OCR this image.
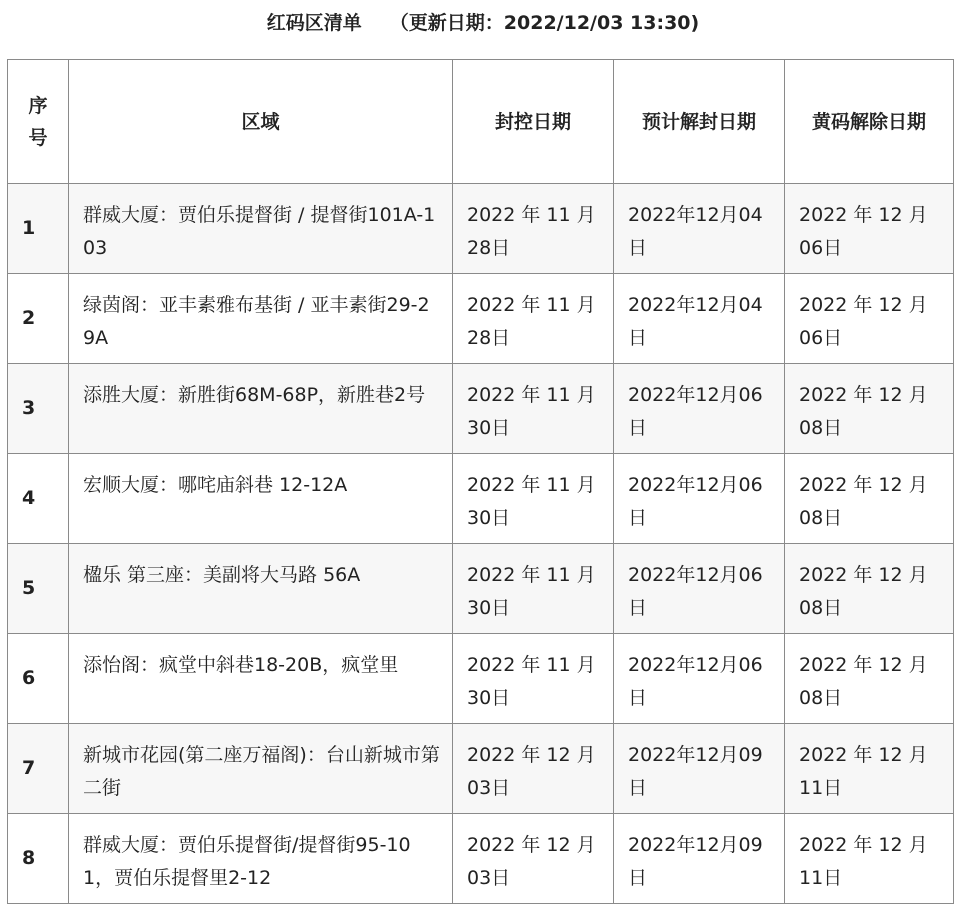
红码区清单 （更新日期：2022/12/03 13:30)
序号	区域	封控日期	预计解封日期	黄码解除日期
1	群威大厦：贾伯乐提督街 / 提督街101A-103	2022 年 11 月 28日	2022年12月04日	2022 年 12 月 06日
2	绿茵阁：亚丰素雅布基街 / 亚丰素街29-29A	2022 年 11 月 28日	2022年12月04日	2022 年 12 月 06日
3	添胜大厦：新胜街68M-68P，新胜巷2号	2022 年 11 月 30日	2022年12月06日	2022 年 12 月 08日
4	宏顺大厦：哪咤庙斜巷 12-12A	2022 年 11 月 30日	2022年12月06日	2022 年 12 月 08日
5	楹乐 第三座：美副将大马路 56A	2022 年 11 月 30日	2022年12月06日	2022 年 12 月 08日
6	添怡阁：疯堂中斜巷18-20B，疯堂里	2022 年 11 月 30日	2022年12月06日	2022 年 12 月 08日
7	新城市花园(第二座万福阁)：台山新城市第二街	2022 年 12 月 03日	2022年12月09日	2022 年 12 月 11日
8	群威大厦：贾伯乐提督街/提督街95-101，贾伯乐提督里2-12	2022 年 12 月 03日	2022年12月09日	2022 年 12 月 11日
